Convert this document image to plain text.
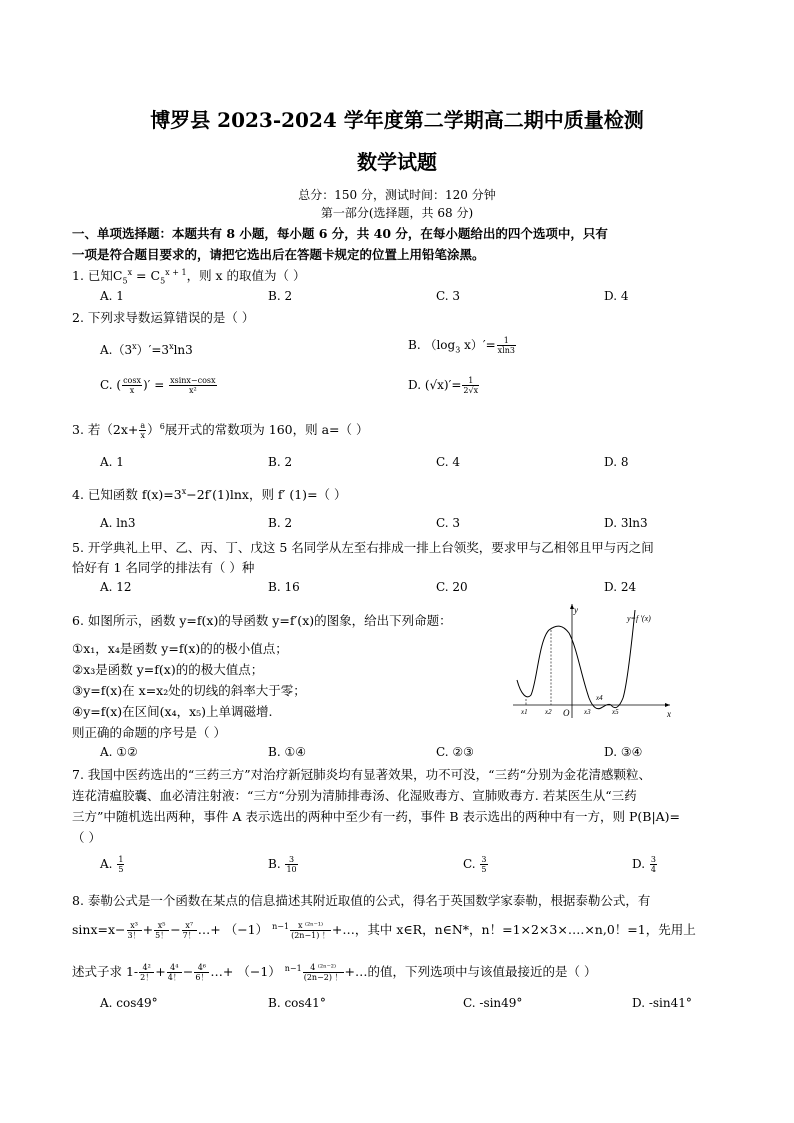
博罗县 2023-2024 学年度第二学期高二期中质量检测
数学试题
总分：150 分，测试时间：120 分钟
第一部分(选择题，共 68 分)
一、单项选择题：本题共有 8 小题，每小题 6 分，共 40 分，在每小题给出的四个选项中，只有
一项是符合题目要求的，请把它选出后在答题卡规定的位置上用铅笔涂黑。
1. 已知$C_5^x = C_5^{x + 1}$，则 x 的取值为（ ）
A. 1	B. 2	C. 3	D. 4
2. 下列求导数运算错误的是（ ）
$A.(3^x)'=3^x\ln 3$	B. （$\log_3$ $x)'= \frac{1}{xln3}$
C. ( $\frac{\cos x}{x}$ )′ = $\frac{xsinx-\cos x}{\text{x²}}$	D. $(√x)'= \frac{1}{2√x}$
3. 若$(2x+ \frac{a}{x} )^6$展开式的常数项为 160，则 a=（ ）
A. 1	B. 2	C. 4	D. 8
4. 已知函数 $f(x)=3^x-2f'(1)\ln x$，则 f′ (1)=（ ）
A. ln3	B. 2	C. 3	D. 3ln3
5. 开学典礼上甲、乙、丙、丁、戊这 5 名同学从左至右排成一排上台领奖，要求甲与乙相邻且甲与丙之间
恰好有 1 名同学的排法有（ ）种
A. 12	B. 16	C. 20	D. 24
6. 如图所示，函数 y=f(x)的导函数 y=f′(x)的图象，给出下列命题：
①x₁，x₄是函数 y=f(x)的的极小值点；
②x₃是函数 y=f(x)的的极大值点；
③y=f(x)在 x=x₂处的切线的斜率大于零；
④y=f(x)在区间(x₄，x₅)上单调磁增.
则正确的命题的序号是（ ）
A. ①②	B. ①④	C. ②③	D. ③④
y
x
O
y=f ′(x)
x1 x2	x3	x5
x4
7. 我国中医药选出的“三药三方”对治疗新冠肺炎均有显著效果，功不可没，“三药“分别为金花清感颗粒、
连花清瘟胶囊、血必清注射液：“三方“分别为清肺排毒汤、化湿败毒方、宣肺败毒方. 若某医生从“三药
三方”中随机选出两种，事件 A 表示选出的两种中至少有一药，事件 B 表示选出的两种中有一方，则 P(B|A)=
（ ）
A. $\frac{1}{5}$	B. $\frac{3}{10}$	C. $\frac{3}{5}$	D. $\frac{3}{4}$
8. 泰勒公式是一个函数在某点的信息描述其附近取值的公式，得名于英国数学家泰勒，根据泰勒公式，有
$\sin x=x- \frac{\text{x³}}{3!} + \frac{\text{x⁵}}{5!} - \frac{\text{x⁷}}{7!}$ …+ （−1） $^{n-1} \frac{\text{x ⁽²ⁿ⁻¹⁾}}{(2n-1) !}$ +…，其中 x∈R，n∈N*，n！=1×2×3×….×n,0！=1，先用上
述式子求 $1- \frac{\text{4²}}{2!} + \frac{\text{4⁴}}{4!} - \frac{\text{4⁶}}{6!}$ …+ （−1） $^{n-1} \frac{\text{4 ⁽²ⁿ⁻²⁾}}{(2n-2) !}$ +…的值，下列选项中与该值最接近的是（ ）
A. cos49°	B. cos41°	C. -sin49°	D. -sin41°
